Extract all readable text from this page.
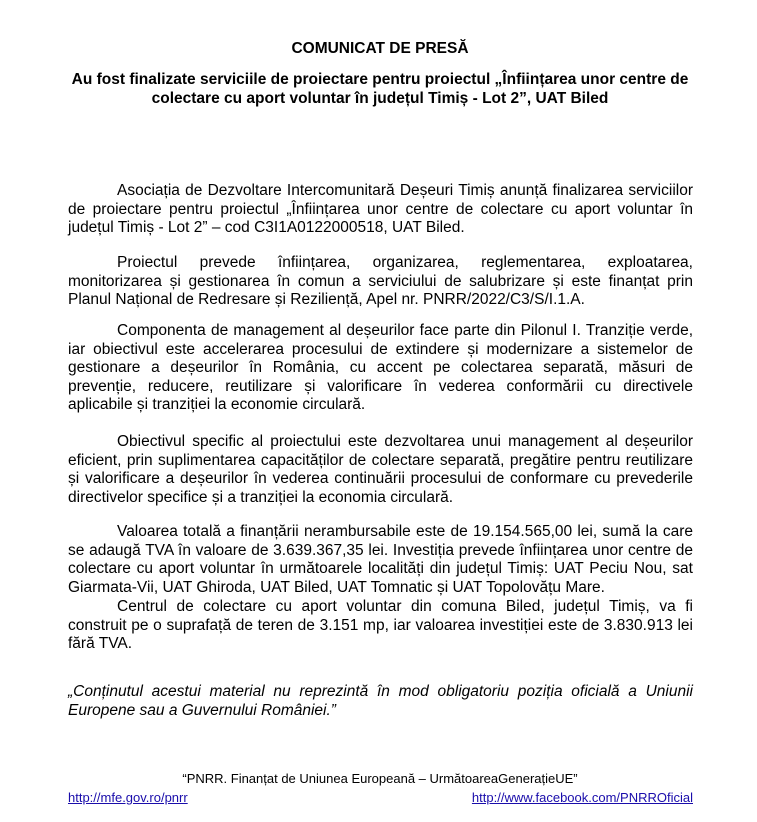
COMUNICAT DE PRESĂ
Au fost finalizate serviciile de proiectare pentru proiectul „Înființarea unor centre de colectare cu aport voluntar în județul Timiș - Lot 2”, UAT Biled

Asociația de Dezvoltare Intercomunitară Deșeuri Timiș anunță finalizarea serviciilor de proiectare pentru proiectul „Înființarea unor centre de colectare cu aport voluntar în județul Timiș - Lot 2” – cod C3I1A0122000518, UAT Biled.

Proiectul prevede înființarea, organizarea, reglementarea, exploatarea, monitorizarea și gestionarea în comun a serviciului de salubrizare și este finanțat prin Planul Național de Redresare și Reziliență, Apel nr. PNRR/2022/C3/S/I.1.A.

Componenta de management al deșeurilor face parte din Pilonul I. Tranziție verde, iar obiectivul este accelerarea procesului de extindere și modernizare a sistemelor de gestionare a deșeurilor în România, cu accent pe colectarea separată, măsuri de prevenție, reducere, reutilizare și valorificare în vederea conformării cu directivele aplicabile și tranziției la economie circulară.

Obiectivul specific al proiectului este dezvoltarea unui management al deșeurilor eficient, prin suplimentarea capacităților de colectare separată, pregătire pentru reutilizare și valorificare a deșeurilor în vederea continuării procesului de conformare cu prevederile directivelor specifice și a tranziției la economia circulară.

Valoarea totală a finanțării nerambursabile este de 19.154.565,00 lei, sumă la care se adaugă TVA în valoare de 3.639.367,35 lei. Investiția prevede înființarea unor centre de colectare cu aport voluntar în următoarele localități din județul Timiș: UAT Peciu Nou, sat Giarmata-Vii, UAT Ghiroda, UAT Biled, UAT Tomnatic și UAT Topolovățu Mare.

Centrul de colectare cu aport voluntar din comuna Biled, județul Timiș, va fi construit pe o suprafață de teren de 3.151 mp, iar valoarea investiției este de 3.830.913 lei fără TVA.

„Conținutul acestui material nu reprezintă în mod obligatoriu poziția oficială a Uniunii Europene sau a Guvernului României.”

“PNRR. Finanțat de Uniunea Europeană – UrmătoareaGenerațieUE”
http://mfe.gov.ro/pnrr	http://www.facebook.com/PNRROficial
